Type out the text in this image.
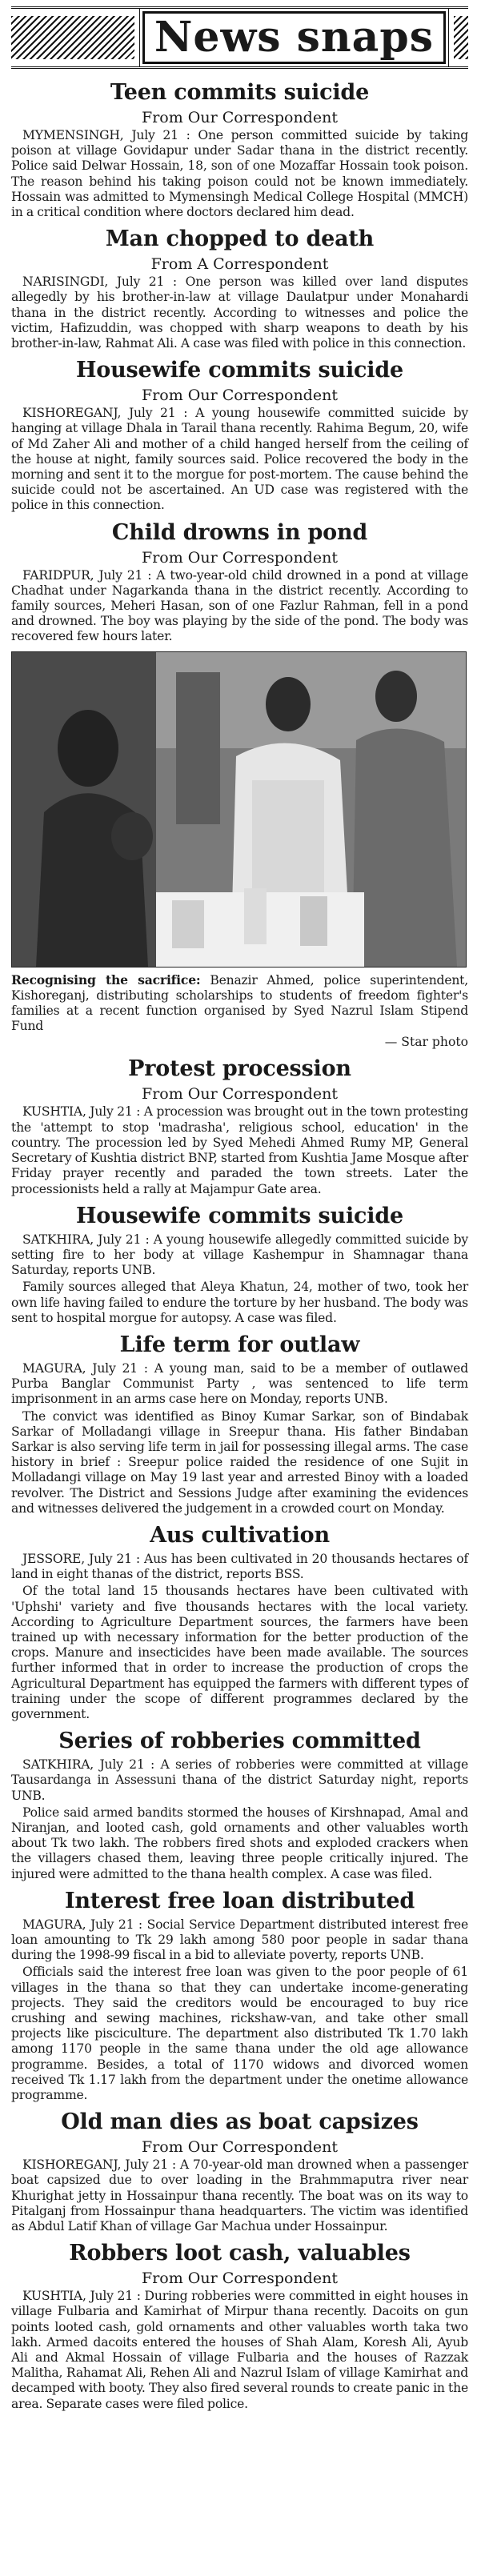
News snaps
Teen commits suicide
From Our Correspondent

MYMENSINGH, July 21 : One person committed suicide by taking poison at village Govidapur under Sadar thana in the district recently. Police said Delwar Hossain, 18, son of one Mozaffar Hossain took poison. The reason behind his taking poison could not be known immediately. Hossain was admitted to Mymensingh Medical College Hospital (MMCH) in a critical condition where doctors declared him dead.

Man chopped to death
From A Correspondent

NARISINGDI, July 21 : One person was killed over land disputes allegedly by his brother-in-law at village Daulatpur under Monahardi thana in the district recently. According to witnesses and police the victim, Hafizuddin, was chopped with sharp weapons to death by his brother-in-law, Rahmat Ali. A case was filed with police in this connection.

Housewife commits suicide
From Our Correspondent

KISHOREGANJ, July 21 : A young housewife committed suicide by hanging at village Dhala in Tarail thana recently. Rahima Begum, 20, wife of Md Zaher Ali and mother of a child hanged herself from the ceiling of the house at night, family sources said. Police recovered the body in the morning and sent it to the morgue for post-mortem. The cause behind the suicide could not be ascertained. An UD case was registered with the police in this connection.

Child drowns in pond
From Our Correspondent

FARIDPUR, July 21 : A two-year-old child drowned in a pond at village Chadhat under Nagarkanda thana in the district recently. According to family sources, Meheri Hasan, son of one Fazlur Rahman, fell in a pond and drowned. The boy was playing by the side of the pond. The body was recovered few hours later.

Recognising the sacrifice: Benazir Ahmed, police superintendent, Kishoreganj, distributing scholarships to students of freedom fighter's families at a recent function organised by Syed Nazrul Islam Stipend Fund

— Star photo
Protest procession
From Our Correspondent

KUSHTIA, July 21 : A procession was brought out in the town protesting the 'attempt to stop 'madrasha', religious school, education' in the country. The procession led by Syed Mehedi Ahmed Rumy MP, General Secretary of Kushtia district BNP, started from Kushtia Jame Mosque after Friday prayer recently and paraded the town streets. Later the processionists held a rally at Majampur Gate area.

Housewife commits suicide

SATKHIRA, July 21 : A young housewife allegedly committed suicide by setting fire to her body at village Kashempur in Shamnagar thana Saturday, reports UNB.

Family sources alleged that Aleya Khatun, 24, mother of two, took her own life having failed to endure the torture by her husband. The body was sent to hospital morgue for autopsy. A case was filed.

Life term for outlaw

MAGURA, July 21 : A young man, said to be a member of outlawed Purba Banglar Communist Party , was sentenced to life term imprisonment in an arms case here on Monday, reports UNB.

The convict was identified as Binoy Kumar Sarkar, son of Bindabak Sarkar of Molladangi village in Sreepur thana. His father Bindaban Sarkar is also serving life term in jail for possessing illegal arms. The case history in brief : Sreepur police raided the residence of one Sujit in Molladangi village on May 19 last year and arrested Binoy with a loaded revolver. The District and Sessions Judge after examining the evidences and witnesses delivered the judgement in a crowded court on Monday.

Aus cultivation

JESSORE, July 21 : Aus has been cultivated in 20 thousands hectares of land in eight thanas of the district, reports BSS.

Of the total land 15 thousands hectares have been cultivated with 'Uphshi' variety and five thousands hectares with the local variety. According to Agriculture Department sources, the farmers have been trained up with necessary information for the better production of the crops. Manure and insecticides have been made available. The sources further informed that in order to increase the production of crops the Agricultural Department has equipped the farmers with different types of training under the scope of different programmes declared by the government.

Series of robberies committed

SATKHIRA, July 21 : A series of robberies were committed at village Tausardanga in Assessuni thana of the district Saturday night, reports UNB.

Police said armed bandits stormed the houses of Kirshnapad, Amal and Niranjan, and looted cash, gold ornaments and other valuables worth about Tk two lakh. The robbers fired shots and exploded crackers when the villagers chased them, leaving three people critically injured. The injured were admitted to the thana health complex. A case was filed.

Interest free loan distributed

MAGURA, July 21 : Social Service Department distributed interest free loan amounting to Tk 29 lakh among 580 poor people in sadar thana during the 1998-99 fiscal in a bid to alleviate poverty, reports UNB.

Officials said the interest free loan was given to the poor people of 61 villages in the thana so that they can undertake income-generating projects. They said the creditors would be encouraged to buy rice crushing and sewing machines, rickshaw-van, and take other small projects like pisciculture. The department also distributed Tk 1.70 lakh among 1170 people in the same thana under the old age allowance programme. Besides, a total of 1170 widows and divorced women received Tk 1.17 lakh from the department under the onetime allowance programme.

Old man dies as boat capsizes
From Our Correspondent

KISHOREGANJ, July 21 : A 70-year-old man drowned when a passenger boat capsized due to over loading in the Brahmmaputra river near Khurighat jetty in Hossainpur thana recently. The boat was on its way to Pitalganj from Hossainpur thana headquarters. The victim was identified as Abdul Latif Khan of village Gar Machua under Hossainpur.

Robbers loot cash, valuables
From Our Correspondent

KUSHTIA, July 21 : During robberies were committed in eight houses in village Fulbaria and Kamirhat of Mirpur thana recently. Dacoits on gun points looted cash, gold ornaments and other valuables worth taka two lakh. Armed dacoits entered the houses of Shah Alam, Koresh Ali, Ayub Ali and Akmal Hossain of village Fulbaria and the houses of Razzak Malitha, Rahamat Ali, Rehen Ali and Nazrul Islam of village Kamirhat and decamped with booty. They also fired several rounds to create panic in the area. Separate cases were filed police.
